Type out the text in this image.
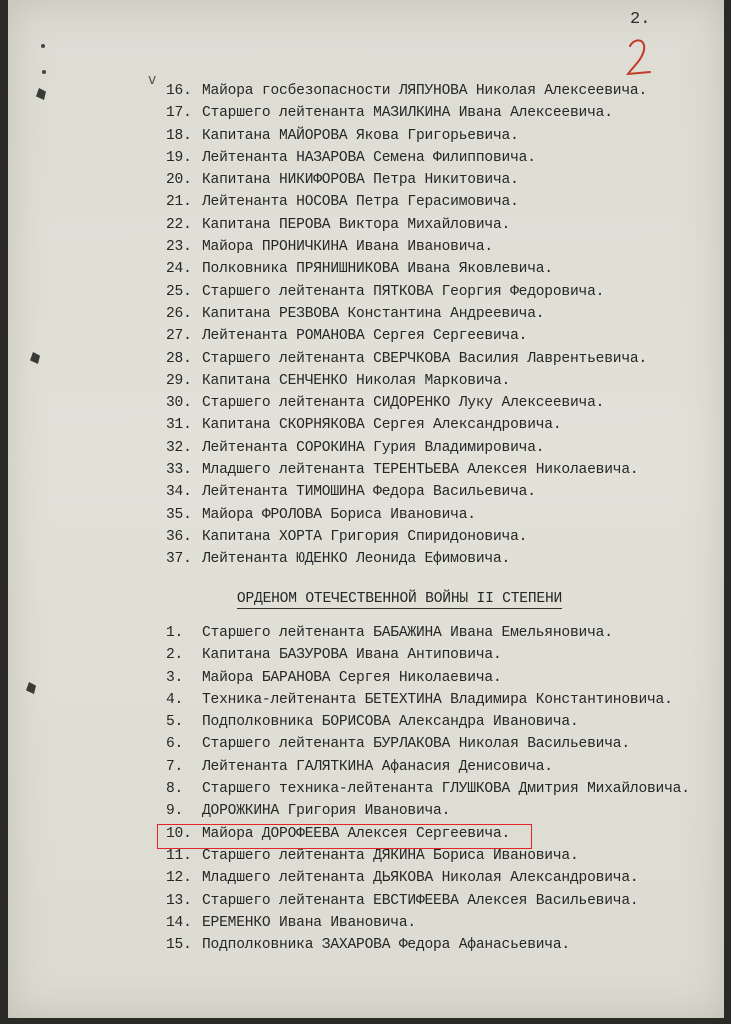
2.
v
16. Майора госбезопасности ЛЯПУНОВА Николая Алексеевича.
17. Старшего лейтенанта МАЗИЛКИНА Ивана Алексеевича.
18. Капитана МАЙОРОВА Якова Григорьевича.
19. Лейтенанта НАЗАРОВА Семена Филипповича.
20. Капитана НИКИФОРОВА Петра Никитовича.
21. Лейтенанта НОСОВА Петра Герасимовича.
22. Капитана ПЕРОВА Виктора Михайловича.
23. Майора ПРОНИЧКИНА Ивана Ивановича.
24. Полковника ПРЯНИШНИКОВА Ивана Яковлевича.
25. Старшего лейтенанта ПЯТКОВА Георгия Федоровича.
26. Капитана РЕЗВОВА Константина Андреевича.
27. Лейтенанта РОМАНОВА Сергея Сергеевича.
28. Старшего лейтенанта СВЕРЧКОВА Василия Лаврентьевича.
29. Капитана СЕНЧЕНКО Николая Марковича.
30. Старшего лейтенанта СИДОРЕНКО Луку Алексеевича.
31. Капитана СКОРНЯКОВА Сергея Александровича.
32. Лейтенанта СОРОКИНА Гурия Владимировича.
33. Младшего лейтенанта ТЕРЕНТЬЕВА Алексея Николаевича.
34. Лейтенанта ТИМОШИНА Федора Васильевича.
35. Майора ФРОЛОВА Бориса Ивановича.
36. Капитана ХОРТА Григория Спиридоновича.
37. Лейтенанта ЮДЕНКО Леонида Ефимовича.
ОРДЕНОМ ОТЕЧЕСТВЕННОЙ ВОЙНЫ II СТЕПЕНИ
1. Старшего лейтенанта БАБАЖИНА Ивана Емельяновича.
2. Капитана БАЗУРОВА Ивана Антиповича.
3. Майора БАРАНОВА Сергея Николаевича.
4. Техника-лейтенанта БЕТЕХТИНА Владимира Константиновича.
5. Подполковника БОРИСОВА Александра Ивановича.
6. Старшего лейтенанта БУРЛАКОВА Николая Васильевича.
7. Лейтенанта ГАЛЯТКИНА Афанасия Денисовича.
8. Старшего техника-лейтенанта ГЛУШКОВА Дмитрия Михайловича.
9. ДОРОЖКИНА Григория Ивановича.
10. Майора ДОРОФЕЕВА Алексея Сергеевича.
11. Старшего лейтенанта ДЯКИНА Бориса Ивановича.
12. Младшего лейтенанта ДЬЯКОВА Николая Александровича.
13. Старшего лейтенанта ЕВСТИФЕЕВА Алексея Васильевича.
14. ЕРЕМЕНКО Ивана Ивановича.
15. Подполковника ЗАХАРОВА Федора Афанасьевича.
